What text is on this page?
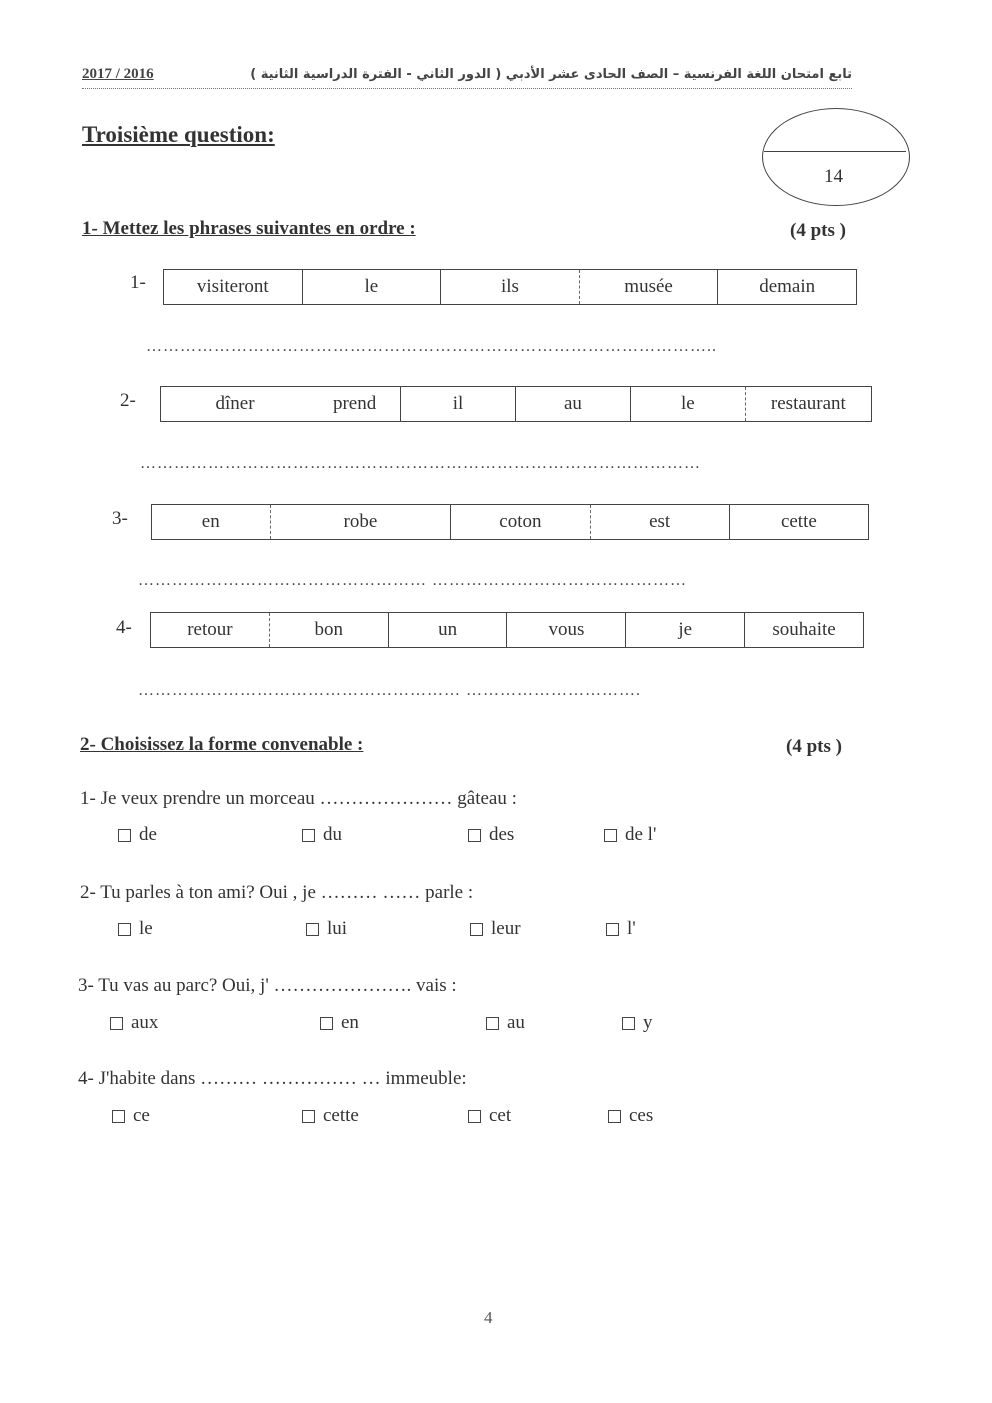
2017 / 2016	تابع امتحان اللغة الفرنسية – الصف الحادى عشر الأدبي ( الدور الثاني - الفترة الدراسية الثانية )
Troisième question:
14
1- Mettez les phrases suivantes en ordre :	(4 pts )
1-	visiteront	le	ils	musée	demain
………………………………………………………………………………………..
2-	dîner	prend	il	au	le	restaurant
………………………………………………………………………………………
3-	en	robe	coton	est	cette
…………………………………………… ………………………………………
4-	retour	bon	un	vous	je	souhaite
………………………………………………… ………………………….
2- Choisissez la forme convenable :	(4 pts )
1- Je veux prendre un morceau ………………… gâteau :
de	du	des	de l'
2- Tu parles à ton ami? Oui , je ……… …… parle :
le	lui	leur	l'
3- Tu vas au parc? Oui, j' …………………. vais :
aux	en	au	y
4- J'habite dans ……… …………… … immeuble:
ce	cette	cet	ces
4
